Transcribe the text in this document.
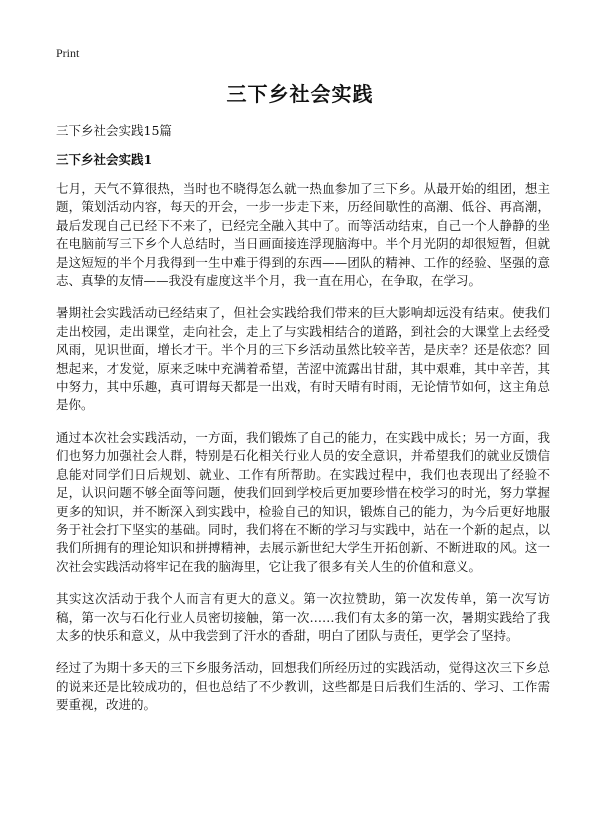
Print
三下乡社会实践

三下乡社会实践15篇

三下乡社会实践1

七月，天气不算很热，当时也不晓得怎么就一热血参加了三下乡。从最开始的组团，想主题，策划活动内容，每天的开会，一步一步走下来，历经间歇性的高潮、低谷、再高潮，最后发现自己已经下不来了，已经完全融入其中了。而等活动结束，自己一个人静静的坐在电脑前写三下乡个人总结时，当日画面接连浮现脑海中。半个月光阴的却很短暂，但就是这短短的半个月我得到一生中难于得到的东西——团队的精神、工作的经验、坚强的意志、真挚的友情——我没有虚度这半个月，我一直在用心，在争取，在学习。

暑期社会实践活动已经结束了，但社会实践给我们带来的巨大影响却远没有结束。使我们走出校园，走出课堂，走向社会，走上了与实践相结合的道路，到社会的大课堂上去经受风雨，见识世面，增长才干。半个月的三下乡活动虽然比较辛苦，是庆幸？还是依恋？回想起来，才发觉，原来乏味中充满着希望，苦涩中流露出甘甜，其中艰难，其中辛苦，其中努力，其中乐趣，真可谓每天都是一出戏，有时天晴有时雨，无论情节如何，这主角总是你。

通过本次社会实践活动，一方面，我们锻炼了自己的能力，在实践中成长；另一方面，我们也努力加强社会人群，特别是石化相关行业人员的安全意识，并希望我们的就业反馈信息能对同学们日后规划、就业、工作有所帮助。在实践过程中，我们也表现出了经验不足，认识问题不够全面等问题，使我们回到学校后更加要珍惜在校学习的时光，努力掌握更多的知识，并不断深入到实践中，检验自己的知识，锻炼自己的能力，为今后更好地服务于社会打下坚实的基础。同时，我们将在不断的学习与实践中，站在一个新的起点，以我们所拥有的理论知识和拼搏精神，去展示新世纪大学生开拓创新、不断进取的风。这一次社会实践活动将牢记在我的脑海里，它让我了很多有关人生的价值和意义。

其实这次活动于我个人而言有更大的意义。第一次拉赞助，第一次发传单，第一次写访稿，第一次与石化行业人员密切接触，第一次……我们有太多的第一次，暑期实践给了我太多的快乐和意义，从中我尝到了汗水的香甜，明白了团队与责任，更学会了坚持。

经过了为期十多天的三下乡服务活动，回想我们所经历过的实践活动，觉得这次三下乡总的说来还是比较成功的，但也总结了不少教训，这些都是日后我们生活的、学习、工作需要重视，改进的。
